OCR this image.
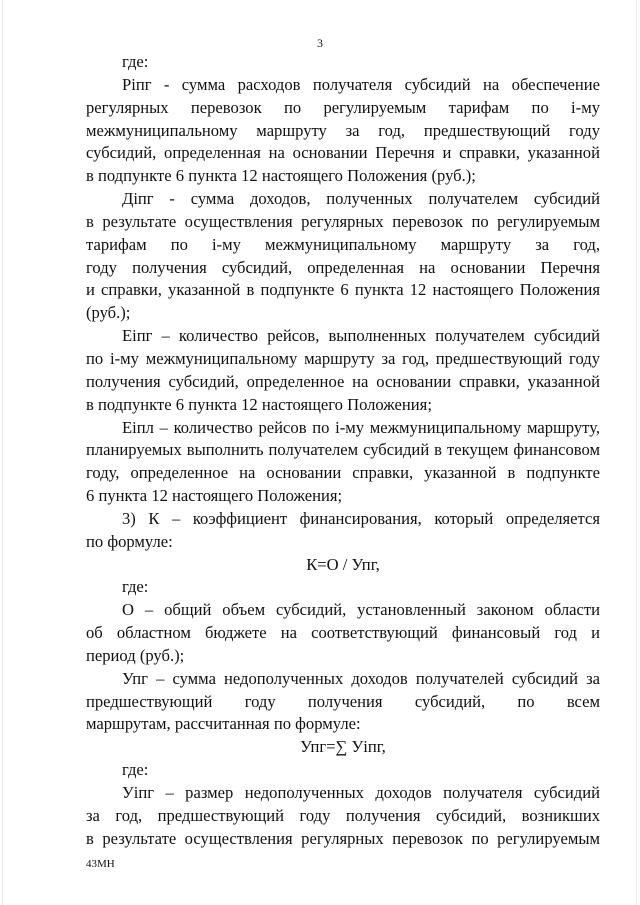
3
где:
Рiпг - сумма расходов получателя субсидий на обеспечение
регулярных перевозок по регулируемым тарифам по i-му
межмуниципальному маршруту за год, предшествующий году
субсидий, определенная на основании Перечня и справки, указанной
в подпункте 6 пункта 12 настоящего Положения (руб.);
Дiпг - сумма доходов, полученных получателем субсидий
в результате осуществления регулярных перевозок по регулируемым
тарифам по i-му межмуниципальному маршруту за год,
году получения субсидий, определенная на основании Перечня
и справки, указанной в подпункте 6 пункта 12 настоящего Положения
(руб.);
Еiпг – количество рейсов, выполненных получателем субсидий
по i-му межмуниципальному маршруту за год, предшествующий году
получения субсидий, определенное на основании справки, указанной
в подпункте 6 пункта 12 настоящего Положения;
Еiпл – количество рейсов по i-му межмуниципальному маршруту,
планируемых выполнить получателем субсидий в текущем финансовом
году, определенное на основании справки, указанной в подпункте
6 пункта 12 настоящего Положения;
3) К – коэффициент финансирования, который определяется
по формуле:
К=О / Упг,
где:
О – общий объем субсидий, установленный законом области
об областном бюджете на соответствующий финансовый год и
период (руб.);
Упг – сумма недополученных доходов получателей субсидий за
предшествующий году получения субсидий, по всем
маршрутам, рассчитанная по формуле:
Упг=∑ Уiпг,
где:
Уiпг – размер недополученных доходов получателя субсидий
за год, предшествующий году получения субсидий, возникших
в результате осуществления регулярных перевозок по регулируемым
43МН
